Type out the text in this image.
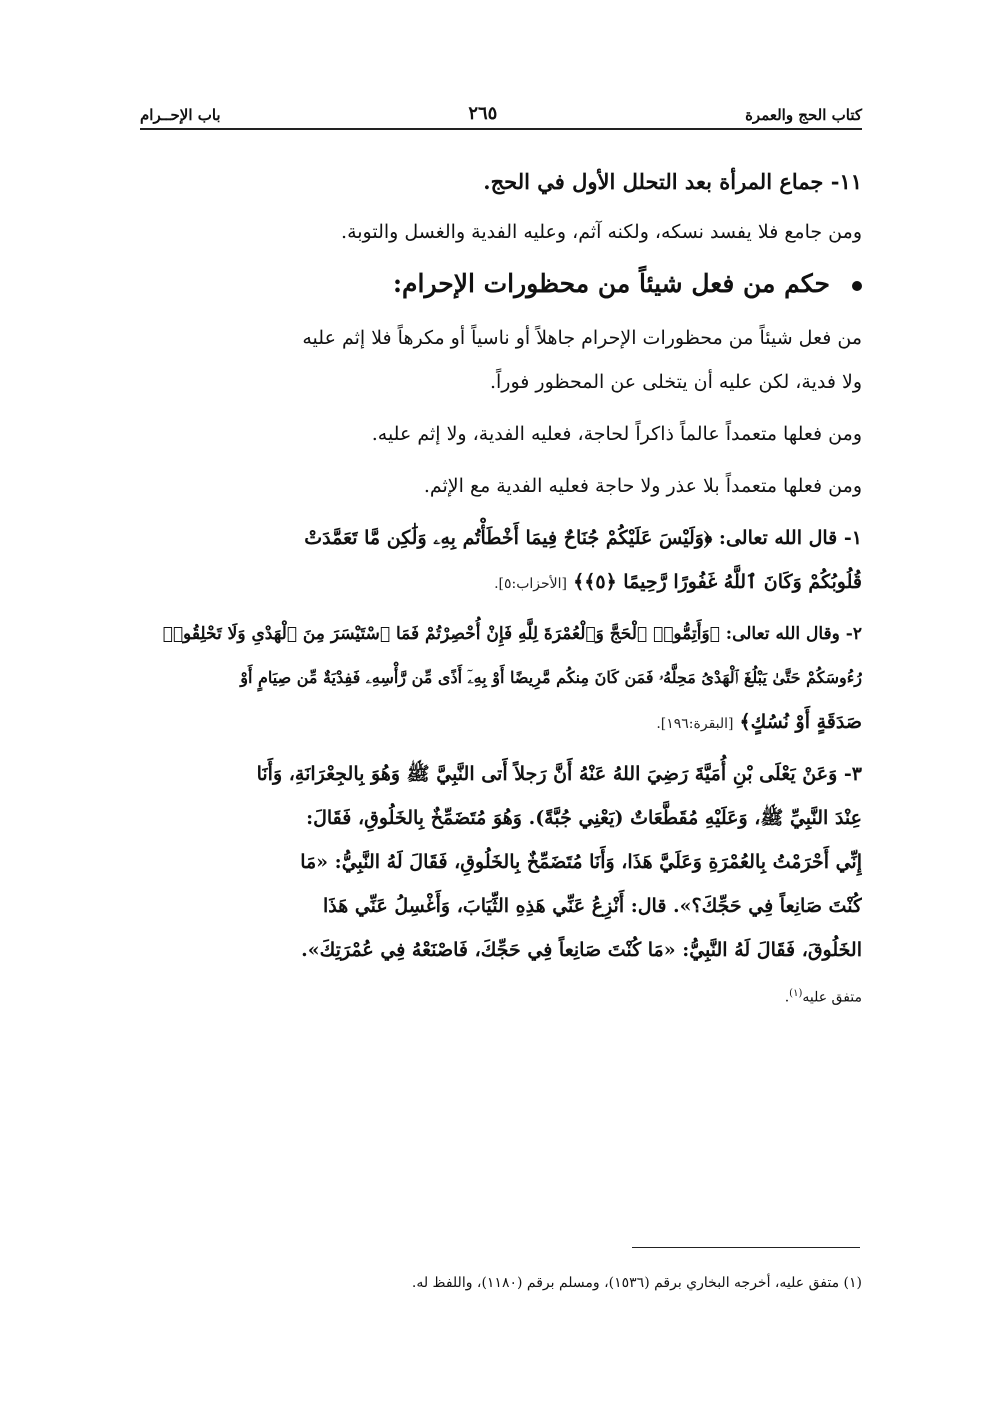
كتاب الحج والعمرة
٢٦٥
باب الإحــرام
١١- جماع المرأة بعد التحلل الأول في الحج.
ومن جامع فلا يفسد نسكه، ولكنه آثم، وعليه الفدية والغسل والتوبة.
حكم من فعل شيئاً من محظورات الإحرام:
من فعل شيئاً من محظورات الإحرام جاهلاً أو ناسياً أو مكرهاً فلا إثم عليه
ولا فدية، لكن عليه أن يتخلى عن المحظور فوراً.
ومن فعلها متعمداً عالماً ذاكراً لحاجة، فعليه الفدية، ولا إثم عليه.
ومن فعلها متعمداً بلا عذر ولا حاجة فعليه الفدية مع الإثم.
١- قال الله تعالى: ﴿وَلَيْسَ عَلَيْكُمْ جُنَاحٌ فِيمَا أَخْطَأْتُم بِهِۦ وَلَٰكِن مَّا تَعَمَّدَتْ
قُلُوبُكُمْ وَكَانَ ٱللَّهُ غَفُورًا رَّحِيمًا ﴿٥﴾﴾ [الأحزاب:٥].
٢- وقال الله تعالى: ﴿وَأَتِمُّوا۟ ٱلْحَجَّ وَٱلْعُمْرَةَ لِلَّهِ فَإِنْ أُحْصِرْتُمْ فَمَا ٱسْتَيْسَرَ مِنَ ٱلْهَدْىِ وَلَا تَحْلِقُوا۟
رُءُوسَكُمْ حَتَّىٰ يَبْلُغَ ٱلْهَدْىُ مَحِلَّهُۥ فَمَن كَانَ مِنكُم مَّرِيضًا أَوْ بِهِۦٓ أَذًى مِّن رَّأْسِهِۦ فَفِدْيَةٌ مِّن صِيَامٍ أَوْ
صَدَقَةٍ أَوْ نُسُكٍ﴾ [البقرة:١٩٦].
٣- وَعَنْ يَعْلَى بْنِ أُمَيَّةَ رَضِيَ اللهُ عَنْهُ أَنَّ رَجلاً أَتى النَّبِيَّ ﷺ وَهُوَ بِالجِعْرَانَةِ، وَأَنَا
عِنْدَ النَّبِيِّ ﷺ، وَعَلَيْهِ مُقَطَّعَاتٌ (يَعْنِي جُبَّةً). وَهُوَ مُتَضَمِّخٌ بِالخَلُوقِ، فَقَالَ:
إِنِّي أَحْرَمْتُ بِالعُمْرَةِ وَعَلَيَّ هَذَا، وَأَنَا مُتَضَمِّخٌ بِالخَلُوقِ، فَقَالَ لَهُ النَّبِيُّ: «مَا
كُنْتَ صَانِعاً فِي حَجِّكَ؟». قال: أَنْزِعُ عَنِّي هَذِهِ الثِّيَابَ، وَأَغْسِلُ عَنِّي هَذَا
الخَلُوقَ، فَقَالَ لَهُ النَّبِيُّ: «مَا كُنْتَ صَانِعاً فِي حَجِّكَ، فَاصْنَعْهُ فِي عُمْرَتِكَ».
متفق عليه$^{(١)}$.
(١) متفق عليه، أخرجه البخاري برقم (١٥٣٦)، ومسلم برقم (١١٨٠)، واللفظ له.
